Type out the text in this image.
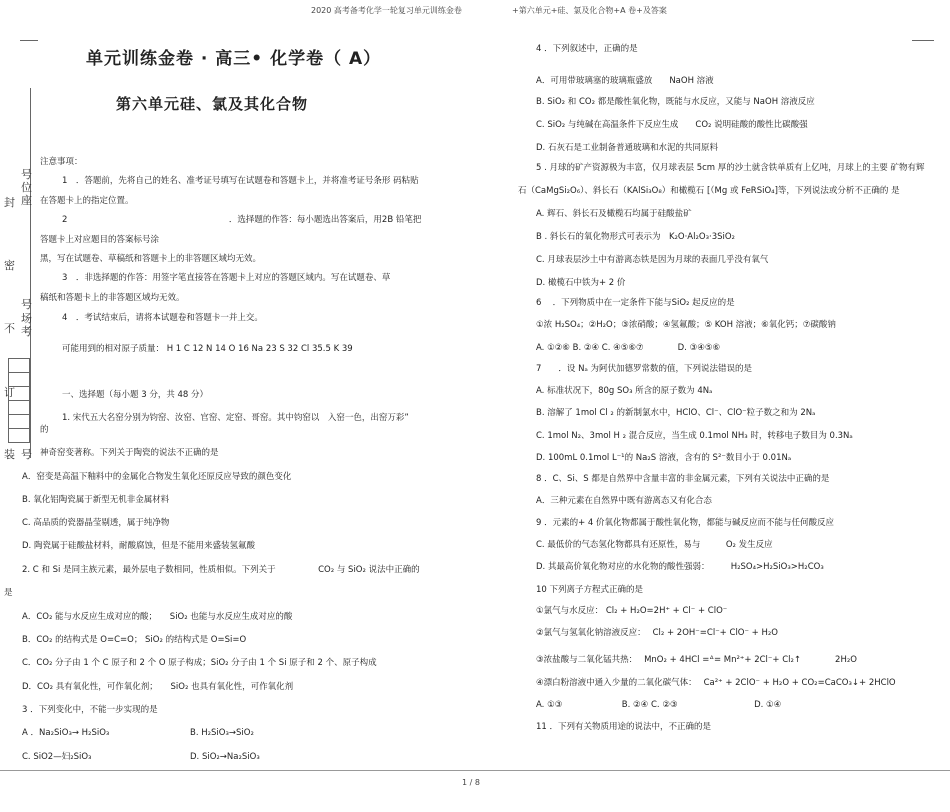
2020 高考备考化学一轮复习单元训练金卷	+第六单元+硅、氯及化合物+A 卷+及答案
号
位
座
封
密
号
场
考
不
订
装 号
单元训练金卷 · 高三• 化学卷（ A）
第六单元硅、氯及其化合物
注意事项：
1　．答题前，先将自己的姓名、准考证号填写在试题卷和答题卡上，并将准考证号条形 码粘贴
在答题卡上的指定位置。
2　　　　　　　　　　　　　　　　　　　．选择题的作答：每小题选出答案后，用2B 铅笔把
答题卡上对应题目的答案标号涂
黑，写在试题卷、草稿纸和答题卡上的非答题区域均无效。
3　．非选择题的作答：用签字笔直接答在答题卡上对应的答题区域内。写在试题卷、草
稿纸和答题卡上的非答题区域均无效。
4　．考试结束后，请将本试题卷和答题卡一并上交。
可能用到的相对原子质量： H 1 C 12 N 14 O 16 Na 23 S 32 Cl 35.5 K 39
一、选择题（每小题 3 分，共 48 分）
1. 宋代五大名窑分别为钧窑、汝窑、官窑、定窑、哥窑。其中钧窑以　入窑一色，出窑万彩”
的
神奇窑变著称。下列关于陶瓷的说法不正确的是
A．窑变是高温下釉料中的金属化合物发生氧化还原反应导致的颜色变化
B. 氧化铝陶瓷属于新型无机非金属材料
C. 高品质的瓷器晶莹剔透，属于纯净物
D. 陶瓷属于硅酸盐材料，耐酸腐蚀，但是不能用来盛装氢氟酸
2. C 和 Si 是同主族元素，最外层电子数相同，性质相似。下列关于　　　　　CO₂ 与 SiO₂ 说法中正确的
是
A．CO₂ 能与水反应生成对应的酸；　　SiO₂ 也能与水反应生成对应的酸
B．CO₂ 的结构式是 O=C=O； SiO₂ 的结构式是 O=Si=O
C．CO₂ 分子由 1 个 C 原子和 2 个 O 原子构成；SiO₂ 分子由 1 个 Si 原子和 2 个、原子构成
D．CO₂ 具有氧化性，可作氧化剂；　　SiO₂ 也具有氧化性，可作氧化剂
3 ．下列变化中，不能一步实现的是
A ．Na₂SiO₃→ H₂SiO₃	B. H₂SiO₃→SiO₂
C. SiO2—妇₂SiO₃	D. SiO₂→Na₂SiO₃
4 ．下列叙述中，正确的是
A．可用带玻璃塞的玻璃瓶盛放　　NaOH 溶液
B. SiO₂ 和 CO₂ 都是酸性氧化物，既能与水反应，又能与 NaOH 溶液反应
C. SiO₂ 与纯碱在高温条件下反应生成　　CO₂ 说明硅酸的酸性比碳酸强
D. 石灰石是工业制备普通玻璃和水泥的共同原料
5 . 月球的矿产资源极为丰富，仅月球表层 5cm 厚的沙土就含铁单质有上亿吨，月球上的主要 矿物有辉
石（CaMgSi₂O₆）、斜长石（KAlSi₃O₈）和橄榄石 [（Mg 或 FeRSiO₄]等，下列说法或分析不正确的 是
A. 辉石、斜长石及橄榄石均属于硅酸盐矿
B . 斜长石的氧化物形式可表示为　K₂O·Al₂O₃·3SiO₂
C. 月球表层沙土中有游离态铁是因为月球的表面几乎没有氧气
D. 橄榄石中铁为+ 2 价
6　 ．下列物质中在一定条件下能与SiO₂ 起反应的是
①浓 H₂SO₄；②H₂O；③浓硝酸；④氢氟酸；⑤ KOH 溶液；⑥氧化钙；⑦碳酸钠
A. ①②⑥ B. ②④ C. ④⑤⑥⑦　　　　D. ③④⑤⑥
7　　．设 Nₐ 为阿伏加德罗常数的值，下列说法错误的是
A. 标准状况下，80g SO₃ 所含的原子数为 4Nₐ
B. 溶解了 1mol Cl ₂ 的新制氯水中，HClO、Cl⁻、ClO⁻粒子数之和为 2Nₐ
C. 1mol N₂、3mol H ₂ 混合反应，当生成 0.1mol NH₃ 时，转移电子数目为 0.3Nₐ
D. 100mL 0.1mol L⁻¹的 Na₂S 溶液，含有的 S²⁻数目小于 0.01Nₐ
8 ．C、Si、S 都是自然界中含量丰富的非金属元素，下列有关说法中正确的是
A．三种元素在自然界中既有游离态又有化合态
9 ．元素的+ 4 价氧化物都属于酸性氧化物，都能与碱反应而不能与任何酸反应
C. 最低价的气态氢化物都具有还原性，易与　　　O₂ 发生反应
D. 其最高价氧化物对应的水化物的酸性强弱：　　　H₂SO₄>H₂SiO₃>H₂CO₃
10 下列离子方程式正确的是
①氯气与水反应： Cl₂ + H₂O=2H⁺ + Cl⁻ + ClO⁻
②氯气与氢氧化钠溶液反应：　 Cl₂ + 2OH⁻=Cl⁻+ ClO⁻ + H₂O
③浓盐酸与二氧化锰共热：　 MnO₂ + 4HCl =ᐞ= Mn²⁺+ 2Cl⁻+ Cl₂↑　　　　2H₂O
④漂白粉溶液中通入少量的二氧化碳气体：　 Ca²⁺ + 2ClO⁻ + H₂O + CO₂=CaCO₃↓+ 2HClO
A. ①③　　　　　　　B. ②④ C. ②③　　　　　　　　　D. ①④
11 ．下列有关物质用途的说法中，不正确的是
1 / 8
